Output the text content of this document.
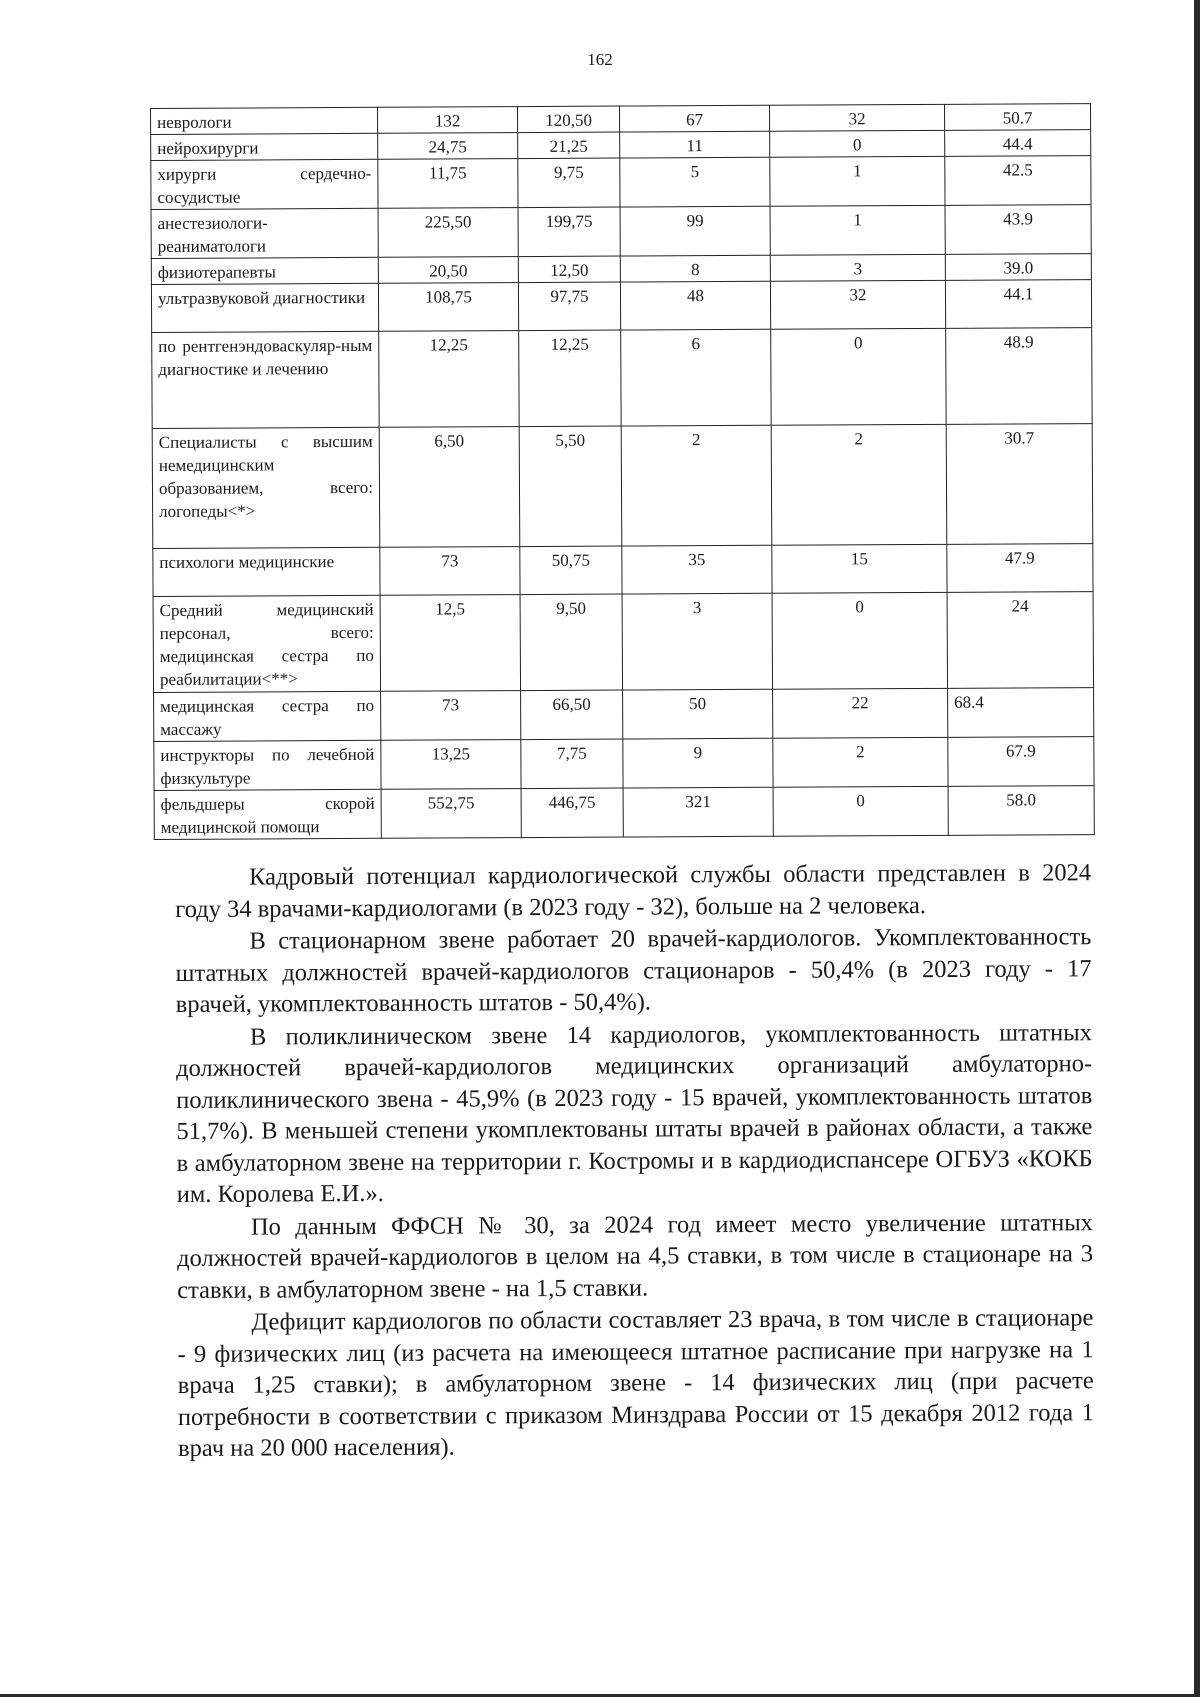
162
неврологи	132	120,50	67	32	50.7
нейрохирурги	24,75	21,25	11	0	44.4
хирурги сердечно-сосудистые	11,75	9,75	5	1	42.5
анестезиологи-реаниматологи	225,50	199,75	99	1	43.9
физиотерапевты	20,50	12,50	8	3	39.0
ультразвуковой диагностики	108,75	97,75	48	32	44.1
по рентгенэндоваскуляр-ным диагностике и лечению	12,25	12,25	6	0	48.9
Специалисты с высшим немедицинским образованием, всего: логопеды<*>	6,50	5,50	2	2	30.7
психологи медицинские	73	50,75	35	15	47.9
Средний медицинский персонал, всего: медицинская сестра по реабилитации<**>	12,5	9,50	3	0	24
медицинская сестра по массажу	73	66,50	50	22	68.4
инструкторы по лечебной физкультуре	13,25	7,75	9	2	67.9
фельдшеры скорой медицинской помощи	552,75	446,75	321	0	58.0

Кадровый потенциал кардиологической службы области представлен в 2024 году 34 врачами-кардиологами (в 2023 году - 32), больше на 2 человека.

В стационарном звене работает 20 врачей-кардиологов. Укомплектованность штатных должностей врачей-кардиологов стационаров - 50,4% (в 2023 году - 17 врачей, укомплектованность штатов - 50,4%).

В поликлиническом звене 14 кардиологов, укомплектованность штатных должностей врачей-кардиологов медицинских организаций амбулаторно-поликлинического звена - 45,9% (в 2023 году - 15 врачей, укомплектованность штатов 51,7%). В меньшей степени укомплектованы штаты врачей в районах области, а также в амбулаторном звене на территории г. Костромы и в кардиодиспансере ОГБУЗ «КОКБ им. Королева Е.И.».

По данным ФФСН № 30, за 2024 год имеет место увеличение штатных должностей врачей-кардиологов в целом на 4,5 ставки, в том числе в стационаре на 3 ставки, в амбулаторном звене - на 1,5 ставки.

Дефицит кардиологов по области составляет 23 врача, в том числе в стационаре - 9 физических лиц (из расчета на имеющееся штатное расписание при нагрузке на 1 врача 1,25 ставки); в амбулаторном звене - 14 физических лиц (при расчете потребности в соответствии с приказом Минздрава России от 15 декабря 2012 года 1 врач на 20 000 населения).
